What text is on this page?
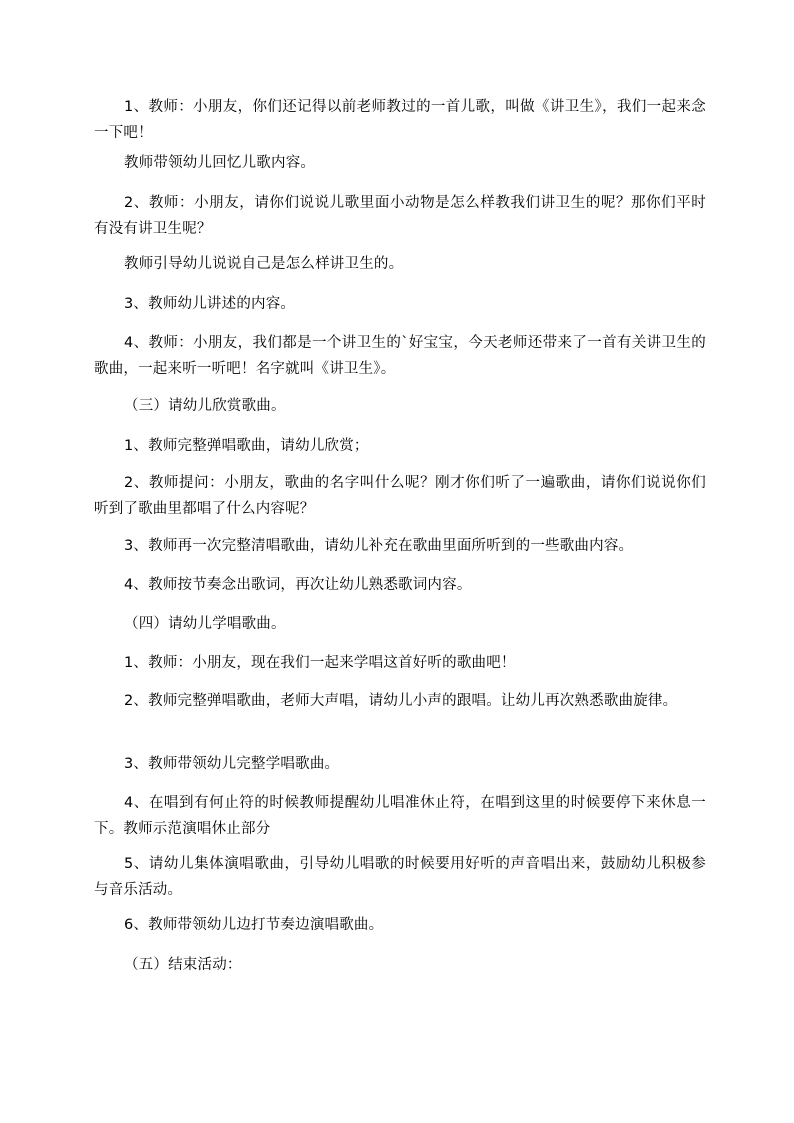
1、教师：小朋友，你们还记得以前老师教过的一首儿歌，叫做《讲卫生》，我们一起来念一下吧！

教师带领幼儿回忆儿歌内容。

2、教师：小朋友，请你们说说儿歌里面小动物是怎么样教我们讲卫生的呢？那你们平时有没有讲卫生呢？

教师引导幼儿说说自己是怎么样讲卫生的。

3、教师幼儿讲述的内容。

4、教师：小朋友，我们都是一个讲卫生的`好宝宝，今天老师还带来了一首有关讲卫生的歌曲，一起来听一听吧！名字就叫《讲卫生》。

（三）请幼儿欣赏歌曲。

1、教师完整弹唱歌曲，请幼儿欣赏；

2、教师提问：小朋友，歌曲的名字叫什么呢？刚才你们听了一遍歌曲，请你们说说你们听到了歌曲里都唱了什么内容呢？

3、教师再一次完整清唱歌曲，请幼儿补充在歌曲里面所听到的一些歌曲内容。

4、教师按节奏念出歌词，再次让幼儿熟悉歌词内容。

（四）请幼儿学唱歌曲。

1、教师：小朋友，现在我们一起来学唱这首好听的歌曲吧！

2、教师完整弹唱歌曲，老师大声唱，请幼儿小声的跟唱。让幼儿再次熟悉歌曲旋律。

3、教师带领幼儿完整学唱歌曲。

4、在唱到有何止符的时候教师提醒幼儿唱准休止符，在唱到这里的时候要停下来休息一下。教师示范演唱休止部分

5、请幼儿集体演唱歌曲，引导幼儿唱歌的时候要用好听的声音唱出来，鼓励幼儿积极参与音乐活动。

6、教师带领幼儿边打节奏边演唱歌曲。

（五）结束活动：
